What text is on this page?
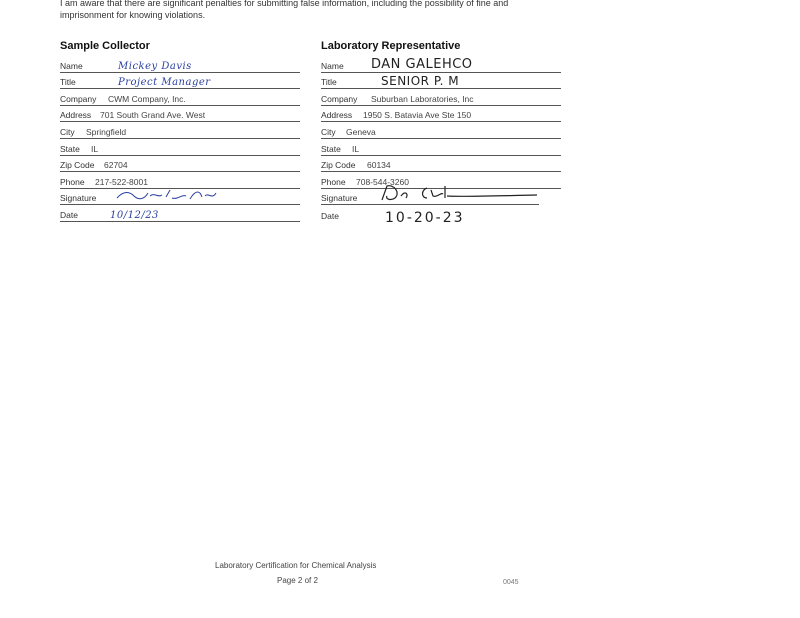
I am aware that there are significant penalties for submitting false information, including the possibility of fine and imprisonment for knowing violations.
Sample Collector
Name	Mickey Davis
Title	Project Manager
Company CWM Company, Inc.
Address 701 South Grand Ave. West
City Springfield
State IL
Zip Code 62704
Phone 217-522-8001
Signature
Date	10/12/23
Laboratory Representative
Name DAN GALEHCO
Title	SENIOR P. M
Company Suburban Laboratories, Inc
Address 1950 S. Batavia Ave Ste 150
City Geneva
State IL
Zip Code 60134
Phone 708-544-3260
Signature
Date	10-20-23
Laboratory Certification for Chemical Analysis
Page 2 of 2	0045
